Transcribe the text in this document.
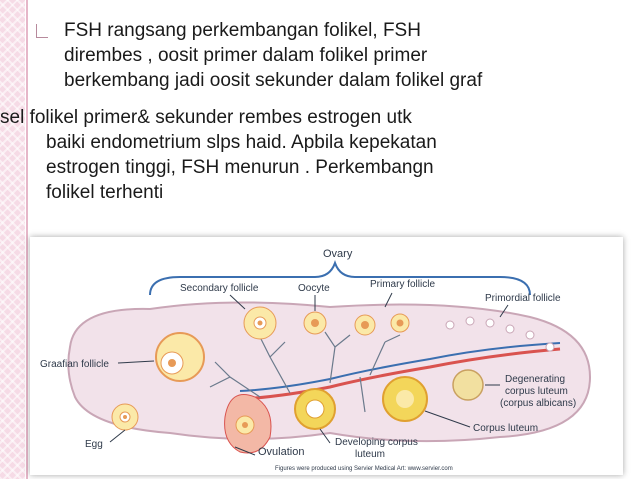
FSH rangsang perkembangan folikel, FSH
dirembes , oosit primer dalam folikel primer
berkembang jadi oosit sekunder dalam folikel graf

sel folikel primer& sekunder rembes estrogen utk
baiki endometrium slps haid. Apbila kepekatan
estrogen tinggi, FSH menurun . Perkembangn
folikel terhenti

Ovary
Primordial follicle
Primary follicle
Oocyte
Secondary follicle
Graafian follicle
Egg
Ovulation
Developing corpus
luteum
Corpus luteum
Degenerating
corpus luteum
(corpus albicans)
Figures were produced using Servier Medical Art: www.servier.com
